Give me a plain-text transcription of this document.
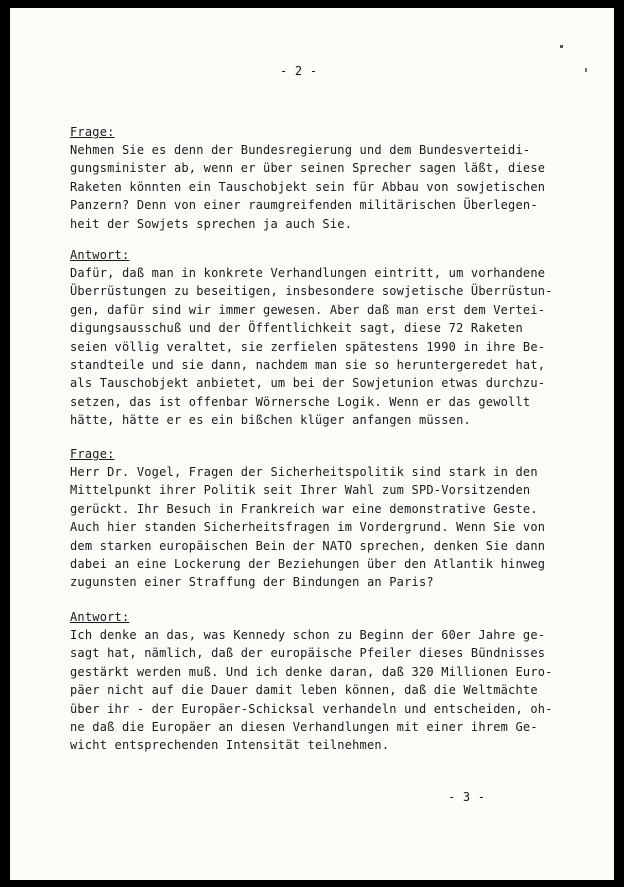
- 2 -
Frage:
Nehmen Sie es denn der Bundesregierung und dem Bundesverteidi-
gungsminister ab, wenn er über seinen Sprecher sagen läßt, diese
Raketen könnten ein Tauschobjekt sein für Abbau von sowjetischen
Panzern? Denn von einer raumgreifenden militärischen Überlegen-
heit der Sowjets sprechen ja auch Sie.
Antwort:
Dafür, daß man in konkrete Verhandlungen eintritt, um vorhandene
Überrüstungen zu beseitigen, insbesondere sowjetische Überrüstun-
gen, dafür sind wir immer gewesen. Aber daß man erst dem Vertei-
digungsausschuß und der Öffentlichkeit sagt, diese 72 Raketen
seien völlig veraltet, sie zerfielen spätestens 1990 in ihre Be-
standteile und sie dann, nachdem man sie so heruntergeredet hat,
als Tauschobjekt anbietet, um bei der Sowjetunion etwas durchzu-
setzen, das ist offenbar Wörnersche Logik. Wenn er das gewollt
hätte, hätte er es ein bißchen klüger anfangen müssen.
Frage:
Herr Dr. Vogel, Fragen der Sicherheitspolitik sind stark in den
Mittelpunkt ihrer Politik seit Ihrer Wahl zum SPD-Vorsitzenden
gerückt. Ihr Besuch in Frankreich war eine demonstrative Geste.
Auch hier standen Sicherheitsfragen im Vordergrund. Wenn Sie von
dem starken europäischen Bein der NATO sprechen, denken Sie dann
dabei an eine Lockerung der Beziehungen über den Atlantik hinweg
zugunsten einer Straffung der Bindungen an Paris?
Antwort:
Ich denke an das, was Kennedy schon zu Beginn der 60er Jahre ge-
sagt hat, nämlich, daß der europäische Pfeiler dieses Bündnisses
gestärkt werden muß. Und ich denke daran, daß 320 Millionen Euro-
päer nicht auf die Dauer damit leben können, daß die Weltmächte
über ihr - der Europäer-Schicksal verhandeln und entscheiden, oh-
ne daß die Europäer an diesen Verhandlungen mit einer ihrem Ge-
wicht entsprechenden Intensität teilnehmen.
- 3 -
